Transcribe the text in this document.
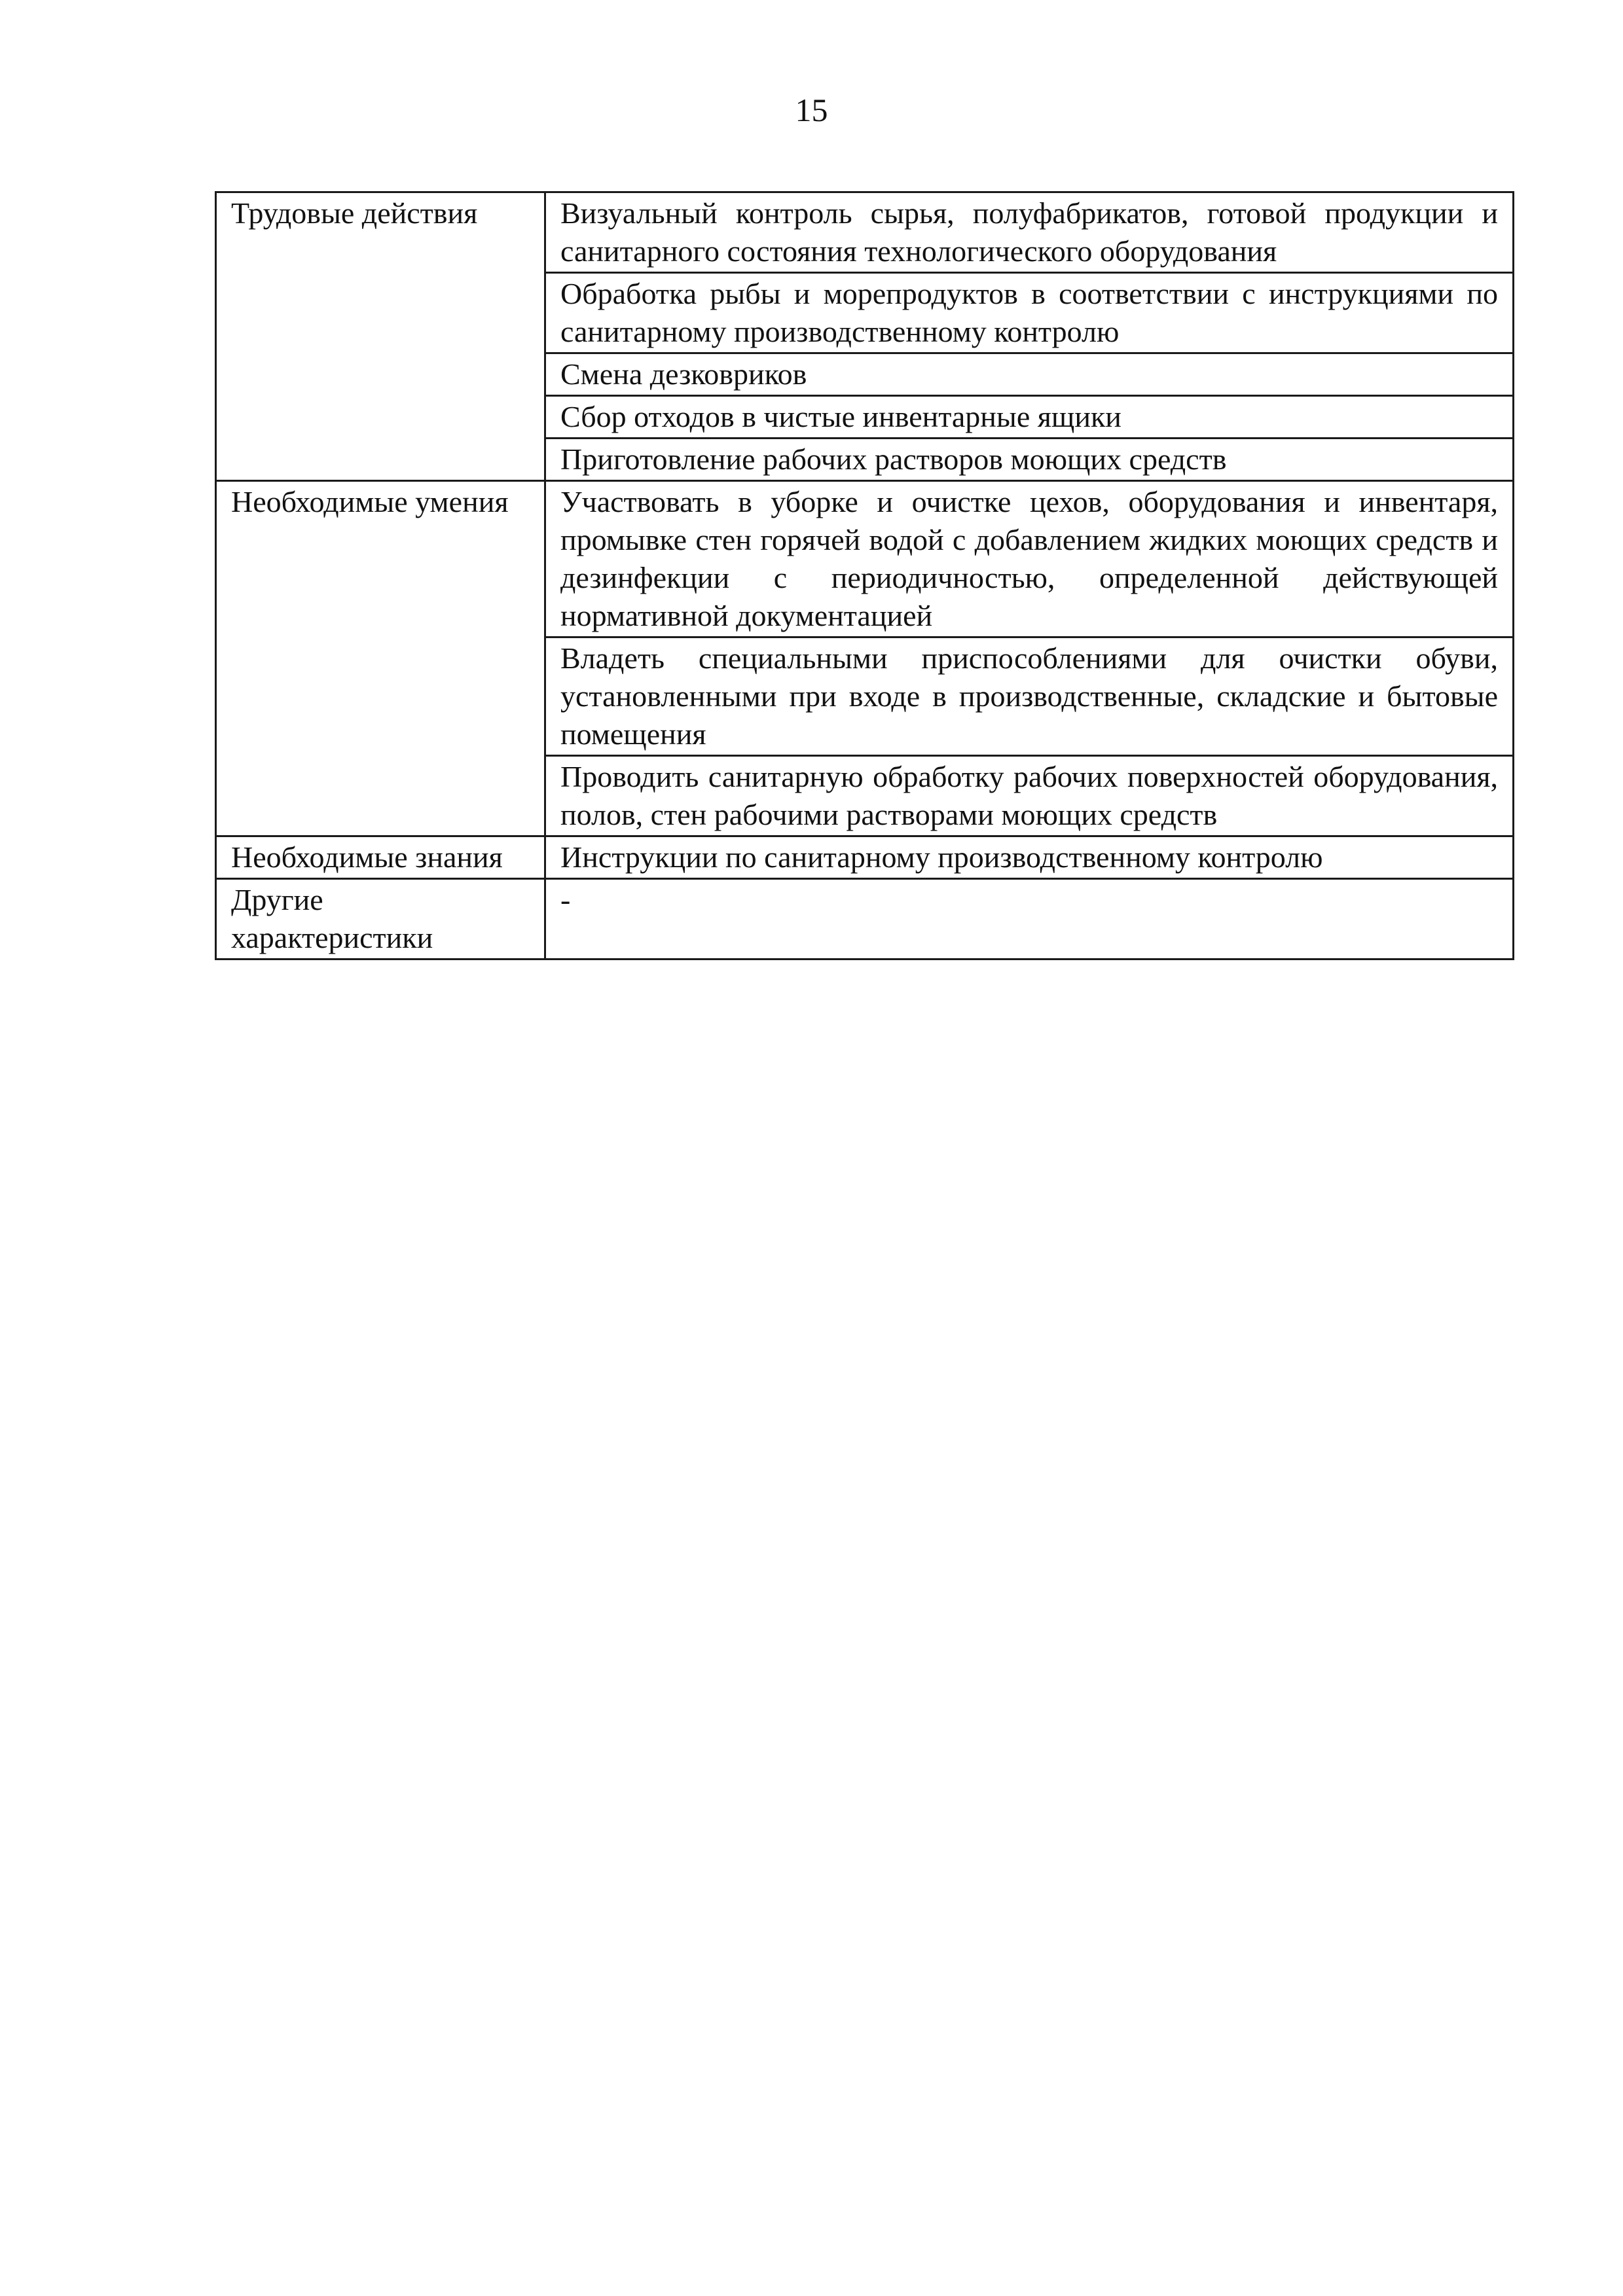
15
Трудовые действия	Визуальный контроль сырья, полуфабрикатов, готовой продукции и санитарного состояния технологического оборудования
	Обработка рыбы и морепродуктов в соответствии с инструкциями по санитарному производственному контролю
	Смена дезковриков
	Сбор отходов в чистые инвентарные ящики
	Приготовление рабочих растворов моющих средств
Необходимые умения	Участвовать в уборке и очистке цехов, оборудования и инвентаря, промывке стен горячей водой с добавлением жидких моющих средств и дезинфекции с периодичностью, определенной действующей нормативной документацией
	Владеть специальными приспособлениями для очистки обуви, установленными при входе в производственные, складские и бытовые помещения
	Проводить санитарную обработку рабочих поверхностей оборудования, полов, стен рабочими растворами моющих средств
Необходимые знания	Инструкции по санитарному производственному контролю
Другие характеристики	-
